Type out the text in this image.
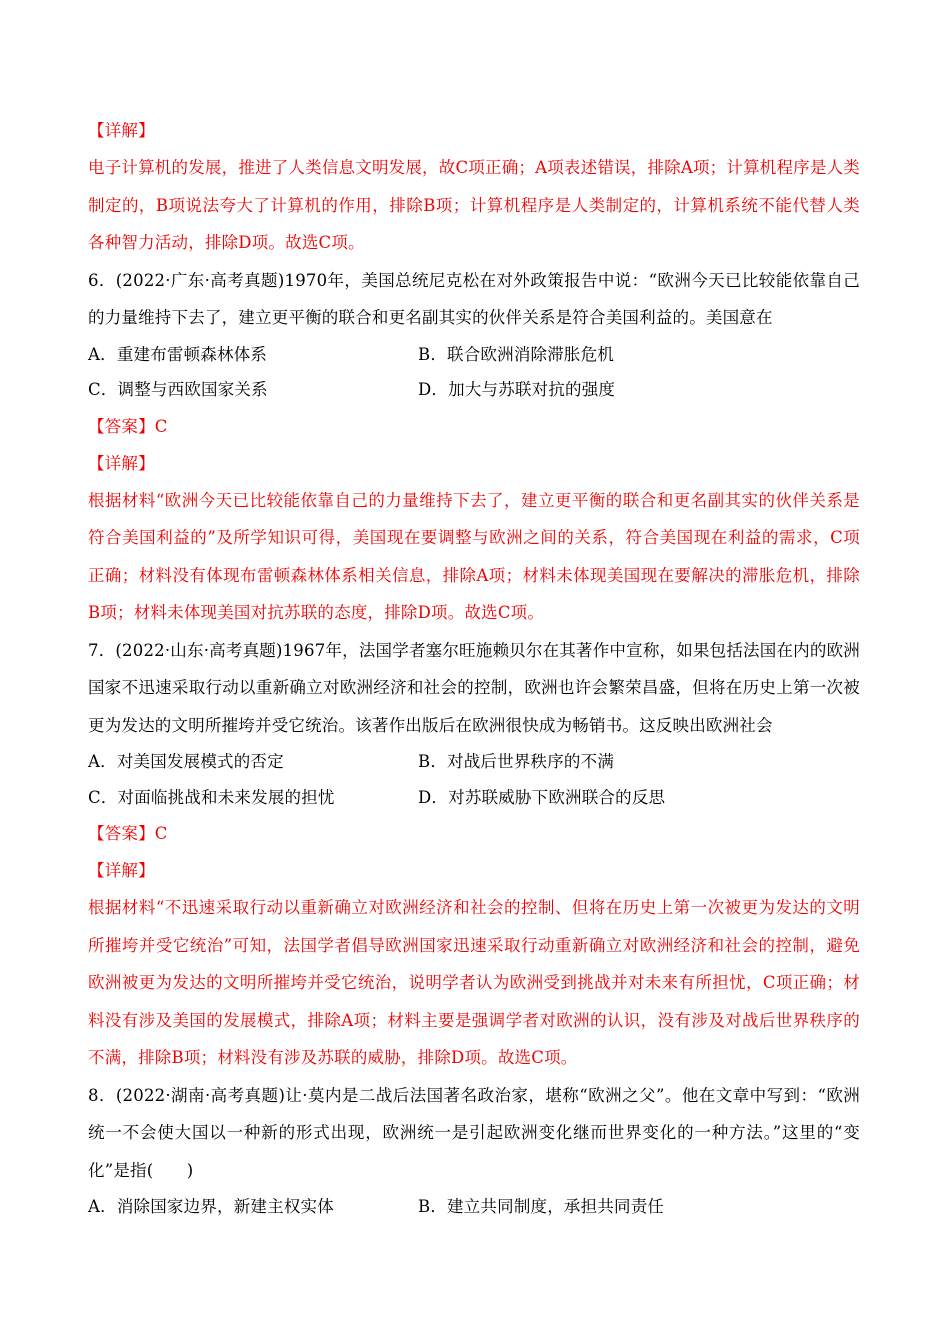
【详解】
电子计算机的发展，推进了人类信息文明发展，故C项正确；A项表述错误，排除A项；计算机程序是人类制定的，B项说法夸大了计算机的作用，排除B项；计算机程序是人类制定的，计算机系统不能代替人类各种智力活动，排除D项。故选C项。
6．(2022·广东·高考真题)1970年，美国总统尼克松在对外政策报告中说：“欧洲今天已比较能依靠自己的力量维持下去了，建立更平衡的联合和更名副其实的伙伴关系是符合美国利益的。美国意在
A．重建布雷顿森林体系	B．联合欧洲消除滞胀危机
C．调整与西欧国家关系	D．加大与苏联对抗的强度
【答案】C
【详解】
根据材料“欧洲今天已比较能依靠自己的力量维持下去了，建立更平衡的联合和更名副其实的伙伴关系是符合美国利益的”及所学知识可得，美国现在要调整与欧洲之间的关系，符合美国现在利益的需求，C项正确；材料没有体现布雷顿森林体系相关信息，排除A项；材料未体现美国现在要解决的滞胀危机，排除B项；材料未体现美国对抗苏联的态度，排除D项。故选C项。
7．(2022·山东·高考真题)1967年，法国学者塞尔旺施赖贝尔在其著作中宣称，如果包括法国在内的欧洲国家不迅速采取行动以重新确立对欧洲经济和社会的控制，欧洲也许会繁荣昌盛，但将在历史上第一次被更为发达的文明所摧垮并受它统治。该著作出版后在欧洲很快成为畅销书。这反映出欧洲社会
A．对美国发展模式的否定	B．对战后世界秩序的不满
C．对面临挑战和未来发展的担忧	D．对苏联威胁下欧洲联合的反思
【答案】C
【详解】
根据材料“不迅速采取行动以重新确立对欧洲经济和社会的控制、但将在历史上第一次被更为发达的文明所摧垮并受它统治”可知，法国学者倡导欧洲国家迅速采取行动重新确立对欧洲经济和社会的控制，避免欧洲被更为发达的文明所摧垮并受它统治，说明学者认为欧洲受到挑战并对未来有所担忧，C项正确；材料没有涉及美国的发展模式，排除A项；材料主要是强调学者对欧洲的认识，没有涉及对战后世界秩序的不满，排除B项；材料没有涉及苏联的威胁，排除D项。故选C项。
8．(2022·湖南·高考真题)让·莫内是二战后法国著名政治家，堪称“欧洲之父”。他在文章中写到：“欧洲统一不会使大国以一种新的形式出现，欧洲统一是引起欧洲变化继而世界变化的一种方法。”这里的“变化”是指(　　)
A．消除国家边界，新建主权实体	B．建立共同制度，承担共同责任
